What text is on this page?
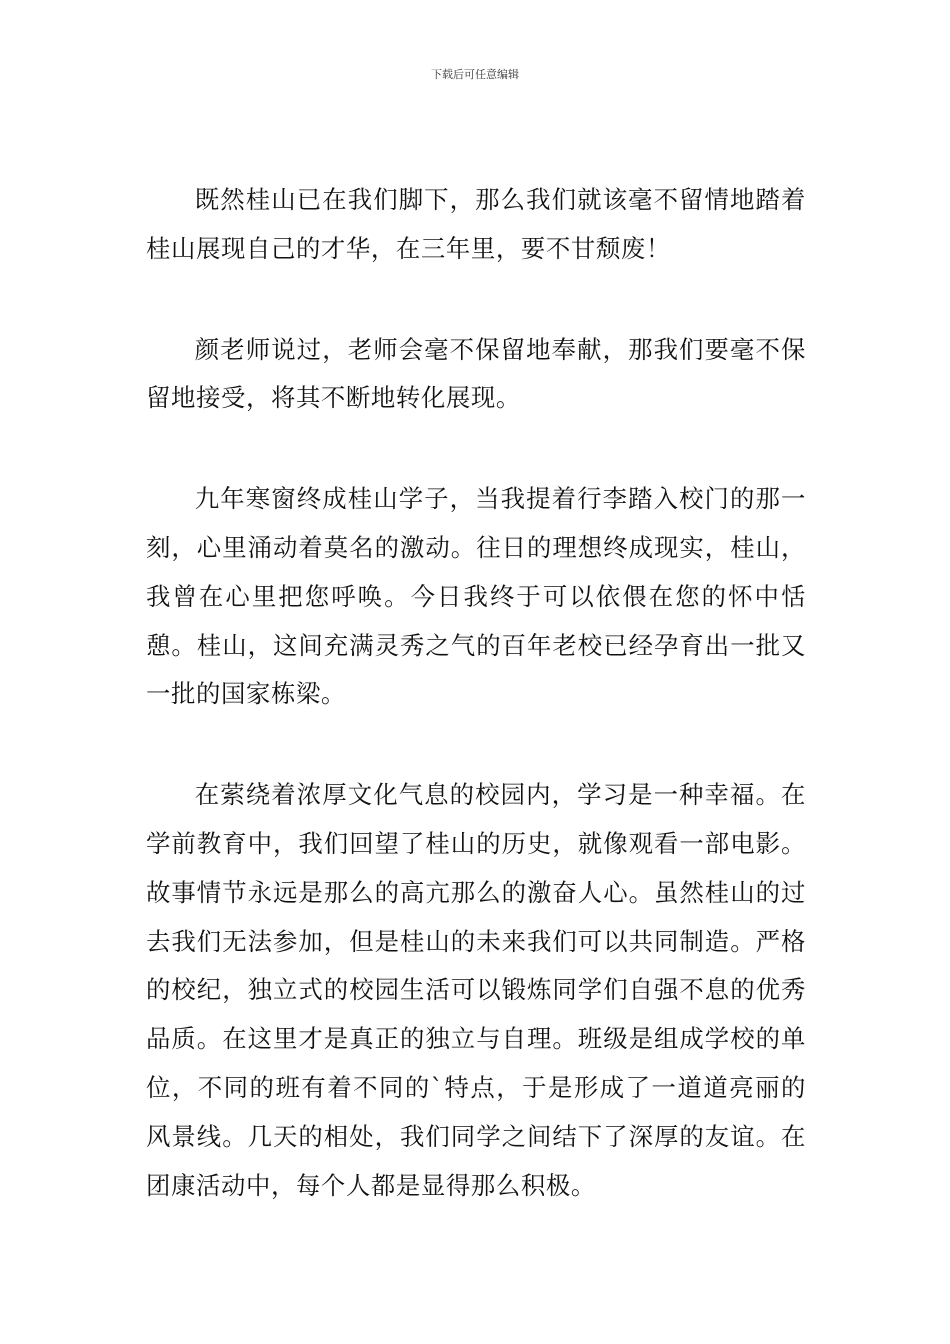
下载后可任意编辑

既然桂山已在我们脚下，那么我们就该毫不留情地踏着桂山展现自己的才华，在三年里，要不甘颓废！

颜老师说过，老师会毫不保留地奉献，那我们要毫不保留地接受，将其不断地转化展现。

九年寒窗终成桂山学子，当我提着行李踏入校门的那一刻，心里涌动着莫名的激动。往日的理想终成现实，桂山，我曾在心里把您呼唤。今日我终于可以依偎在您的怀中恬憩。桂山，这间充满灵秀之气的百年老校已经孕育出一批又一批的国家栋梁。

在萦绕着浓厚文化气息的校园内，学习是一种幸福。在学前教育中，我们回望了桂山的历史，就像观看一部电影。故事情节永远是那么的高亢那么的激奋人心。虽然桂山的过去我们无法参加，但是桂山的未来我们可以共同制造。严格的校纪，独立式的校园生活可以锻炼同学们自强不息的优秀品质。在这里才是真正的独立与自理。班级是组成学校的单位，不同的班有着不同的`特点，于是形成了一道道亮丽的风景线。几天的相处，我们同学之间结下了深厚的友谊。在团康活动中，每个人都是显得那么积极。
